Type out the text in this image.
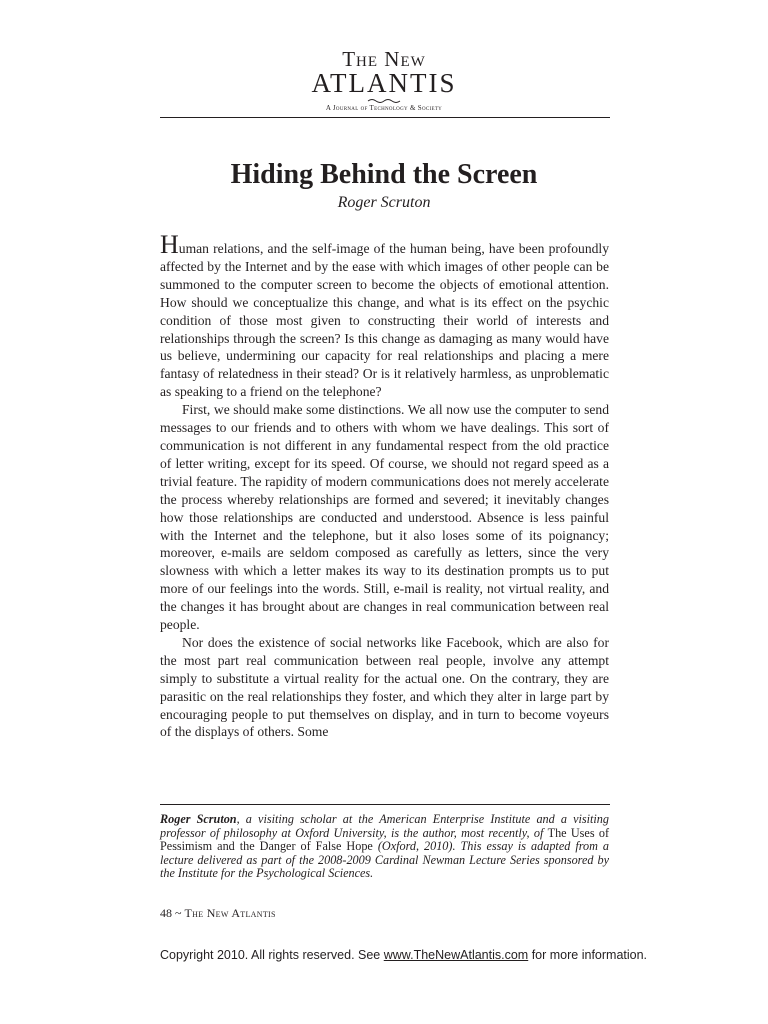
The New
ATLANTIS
A Journal of Technology & Society
Hiding Behind the Screen
Roger Scruton

Human relations, and the self-image of the human being, have been profoundly affected by the Internet and by the ease with which images of other people can be summoned to the computer screen to become the objects of emotional attention. How should we conceptualize this change, and what is its effect on the psychic condition of those most given to constructing their world of interests and relationships through the screen? Is this change as damaging as many would have us believe, undermining our capacity for real relationships and placing a mere fantasy of relatedness in their stead? Or is it relatively harmless, as unproblematic as speaking to a friend on the telephone?

First, we should make some distinctions. We all now use the computer to send messages to our friends and to others with whom we have dealings. This sort of communication is not different in any fundamental respect from the old practice of letter writing, except for its speed. Of course, we should not regard speed as a trivial feature. The rapidity of modern communications does not merely accelerate the process whereby relationships are formed and severed; it inevitably changes how those relationships are conducted and understood. Absence is less painful with the Internet and the telephone, but it also loses some of its poignancy; moreover, e-mails are seldom composed as carefully as letters, since the very slowness with which a letter makes its way to its destination prompts us to put more of our feelings into the words. Still, e-mail is reality, not virtual reality, and the changes it has brought about are changes in real communication between real people.

Nor does the existence of social networks like Facebook, which are also for the most part real communication between real people, involve any attempt simply to substitute a virtual reality for the actual one. On the contrary, they are parasitic on the real relationships they foster, and which they alter in large part by encouraging people to put themselves on display, and in turn to become voyeurs of the displays of others. Some

Roger Scruton, a visiting scholar at the American Enterprise Institute and a visiting professor of philosophy at Oxford University, is the author, most recently, of The Uses of Pessimism and the Danger of False Hope (Oxford, 2010). This essay is adapted from a lecture delivered as part of the 2008-2009 Cardinal Newman Lecture Series sponsored by the Institute for the Psychological Sciences.
48 ~ The New Atlantis
Copyright 2010. All rights reserved. See www.TheNewAtlantis.com for more information.
